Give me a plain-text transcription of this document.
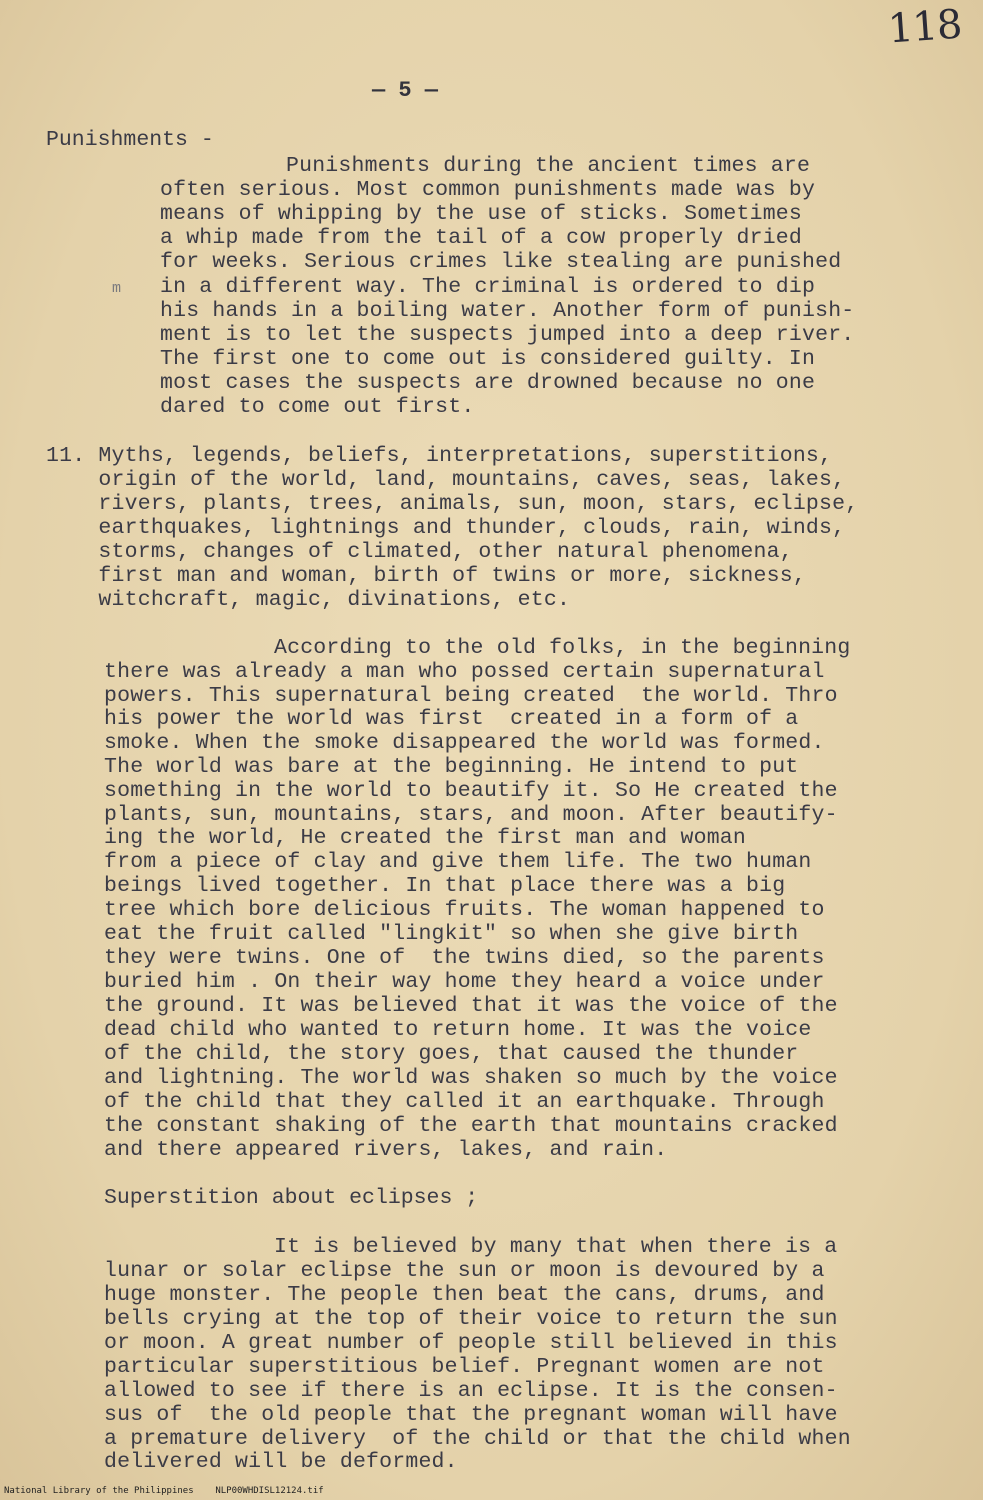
118
— 5 —
Punishments -
m
Punishments during the ancient times are
often serious. Most common punishments made was by
means of whipping by the use of sticks. Sometimes
a whip made from the tail of a cow properly dried
for weeks. Serious crimes like stealing are punished
in a different way. The criminal is ordered to dip
his hands in a boiling water. Another form of punish-
ment is to let the suspects jumped into a deep river.
The first one to come out is considered guilty. In
most cases the suspects are drowned because no one
dared to come out first.
11. Myths, legends, beliefs, interpretations, superstitions,
origin of the world, land, mountains, caves, seas, lakes,
rivers, plants, trees, animals, sun, moon, stars, eclipse,
earthquakes, lightnings and thunder, clouds, rain, winds,
storms, changes of climated, other natural phenomena,
first man and woman, birth of twins or more, sickness,
witchcraft, magic, divinations, etc.
According to the old folks, in the beginning
there was already a man who possed certain supernatural
powers. This supernatural being created  the world. Thro
his power the world was first  created in a form of a
smoke. When the smoke disappeared the world was formed.
The world was bare at the beginning. He intend to put
something in the world to beautify it. So He created the
plants, sun, mountains, stars, and moon. After beautify-
ing the world, He created the first man and woman
from a piece of clay and give them life. The two human
beings lived together. In that place there was a big
tree which bore delicious fruits. The woman happened to
eat the fruit called "lingkit" so when she give birth
they were twins. One of  the twins died, so the parents
buried him . On their way home they heard a voice under
the ground. It was believed that it was the voice of the
dead child who wanted to return home. It was the voice
of the child, the story goes, that caused the thunder
and lightning. The world was shaken so much by the voice
of the child that they called it an earthquake. Through
the constant shaking of the earth that mountains cracked
and there appeared rivers, lakes, and rain.
Superstition about eclipses ;
It is believed by many that when there is a
lunar or solar eclipse the sun or moon is devoured by a
huge monster. The people then beat the cans, drums, and
bells crying at the top of their voice to return the sun
or moon. A great number of people still believed in this
particular superstitious belief. Pregnant women are not
allowed to see if there is an eclipse. It is the consen-
sus of  the old people that the pregnant woman will have
a premature delivery  of the child or that the child when
delivered will be deformed.
National Library of the Philippines    NLP00WHDISL12124.tif
